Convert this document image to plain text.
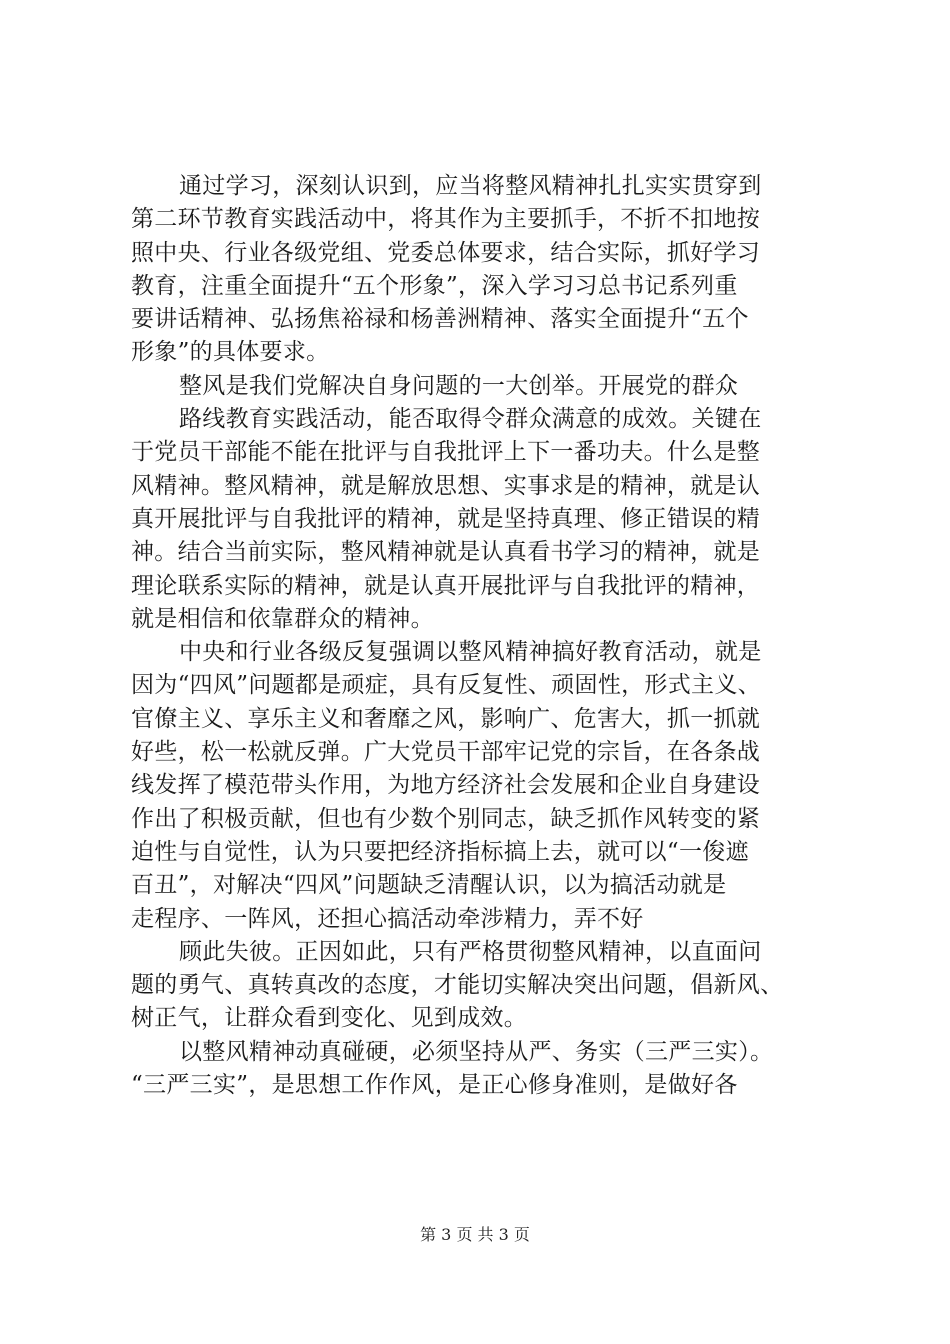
通过学习，深刻认识到，应当将整风精神扎扎实实贯穿到
第二环节教育实践活动中，将其作为主要抓手，不折不扣地按
照中央、行业各级党组、党委总体要求，结合实际，抓好学习
教育，注重全面提升“五个形象”，深入学习习总书记系列重
要讲话精神、弘扬焦裕禄和杨善洲精神、落实全面提升“五个
形象”的具体要求。
整风是我们党解决自身问题的一大创举。开展党的群众
路线教育实践活动，能否取得令群众满意的成效。关键在
于党员干部能不能在批评与自我批评上下一番功夫。什么是整
风精神。整风精神，就是解放思想、实事求是的精神，就是认
真开展批评与自我批评的精神，就是坚持真理、修正错误的精
神。结合当前实际，整风精神就是认真看书学习的精神，就是
理论联系实际的精神，就是认真开展批评与自我批评的精神，
就是相信和依靠群众的精神。
中央和行业各级反复强调以整风精神搞好教育活动，就是
因为“四风”问题都是顽症，具有反复性、顽固性，形式主义、
官僚主义、享乐主义和奢靡之风，影响广、危害大，抓一抓就
好些，松一松就反弹。广大党员干部牢记党的宗旨，在各条战
线发挥了模范带头作用，为地方经济社会发展和企业自身建设
作出了积极贡献，但也有少数个别同志，缺乏抓作风转变的紧
迫性与自觉性，认为只要把经济指标搞上去，就可以“一俊遮
百丑”，对解决“四风”问题缺乏清醒认识，以为搞活动就是
走程序、一阵风，还担心搞活动牵涉精力，弄不好
顾此失彼。正因如此，只有严格贯彻整风精神，以直面问
题的勇气、真转真改的态度，才能切实解决突出问题，倡新风、
树正气，让群众看到变化、见到成效。
以整风精神动真碰硬，必须坚持从严、务实（三严三实）。
“三严三实”，是思想工作作风，是正心修身准则，是做好各
第 3 页 共 3 页
